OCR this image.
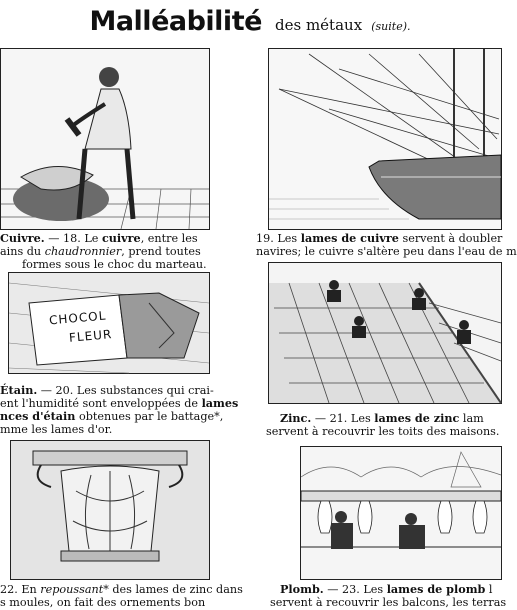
Malléabilité des métaux (suite).
Cuivre. — 18. Le cuivre, entre les
ains du chaudronnier, prend toutes
formes sous le choc du marteau.
19. Les lames de cuivre servent à doubler
navires; le cuivre s'altère peu dans l'eau de m
CHOCOL
FLEUR
Étain. — 20. Les substances qui crai-
ent l'humidité sont enveloppées de lames
nces d'étain obtenues par le battage*,
mme les lames d'or.
Zinc. — 21. Les lames de zinc lam
servent à recouvrir les toits des maisons.
22. En repoussant* des lames de zinc dans
s moules, on fait des ornements bon
Plomb. — 23. Les lames de plomb l
servent à recouvrir les balcons, les terras
